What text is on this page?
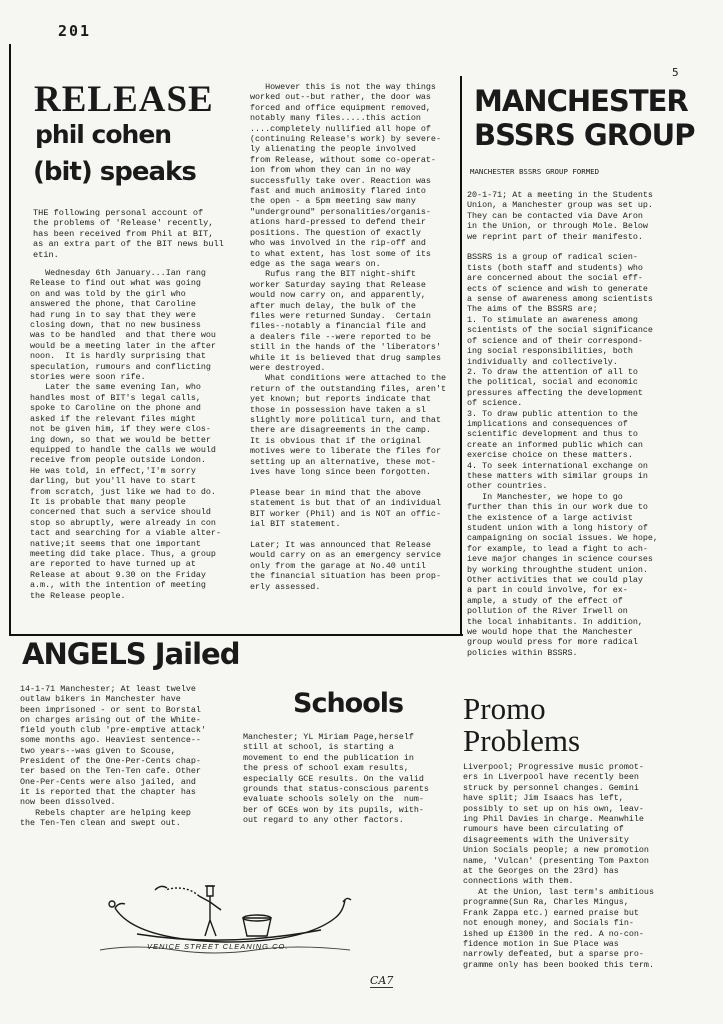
201
5
RELEASE
phil cohen
(bit) speaks
THE following personal account of
the problems of 'Release' recently,
has been received from Phil at BIT,
as an extra part of the BIT news bull
etin.
Wednesday 6th January...Ian rang
Release to find out what was going
on and was told by the girl who
answered the phone, that Caroline
had rung in to say that they were
closing down, that no new business
was to be handled  and that there wou
would be a meeting later in the after
noon.  It is hardly surprising that
speculation, rumours and conflicting
stories were soon rife.
Later the same evening Ian, who
handles most of BIT's legal calls,
spoke to Caroline on the phone and
asked if the relevant files might
not be given him, if they were clos-
ing down, so that we would be better
equipped to handle the calls we would
receive from people outside London.
He was told, in effect,'I'm sorry
darling, but you'll have to start
from scratch, just like we had to do.
It is probable that many people
concerned that such a service should
stop so abruptly, were already in con
tact and searching for a viable alter-
native;it seems that one important
meeting did take place. Thus, a group
are reported to have turned up at
Release at about 9.30 on the Friday
a.m., with the intention of meeting
the Release people.
However this is not the way things
worked out--but rather, the door was
forced and office equipment removed,
notably many files.....this action
....completely nullified all hope of
(continuing Release's work) by severe-
ly alienating the people involved
from Release, without some co-operat-
ion from whom they can in no way
successfully take over. Reaction was
fast and much animosity flared into
the open - a 5pm meeting saw many
"underground" personalities/organis-
ations hard-pressed to defend their
positions. The question of exactly
who was involved in the rip-off and
to what extent, has lost some of its
edge as the saga wears on.
Rufus rang the BIT night-shift
worker Saturday saying that Release
would now carry on, and apparently,
after much delay, the bulk of the
files were returned Sunday.  Certain
files--notably a financial file and
a dealers file --were reported to be
still in the hands of the 'liberators'
while it is believed that drug samples
were destroyed.
What conditions were attached to the
return of the outstanding files, aren't
yet known; but reports indicate that
those in possession have taken a sl
slightly more political turn, and that
there are disagreements in the camp.
It is obvious that if the original
motives were to liberate the files for
setting up an alternative, these mot-
ives have long since been forgotten.

Please bear in mind that the above
statement is but that of an individual
BIT worker (Phil) and is NOT an offic-
ial BIT statement.

Later; It was announced that Release
would carry on as an emergency service
only from the garage at No.40 until
the financial situation has been prop-
erly assessed.
MANCHESTER
BSSRS GROUP
MANCHESTER BSSRS GROUP FORMED
20-1-71; At a meeting in the Students
Union, a Manchester group was set up.
They can be contacted via Dave Aron
in the Union, or through Mole. Below
we reprint part of their manifesto.

BSSRS is a group of radical scien-
tists (both staff and students) who
are concerned about the social eff-
ects of science and wish to generate
a sense of awareness among scientists
The aims of the BSSRS are;
1. To stimulate an awareness among
scientists of the social significance
of science and of their correspond-
ing social responsibilities, both
individually and collectively.
2. To draw the attention of all to
the political, social and economic
pressures affecting the development
of science.
3. To draw public attention to the
implications and consequences of
scientific development and thus to
create an informed public which can
exercise choice on these matters.
4. To seek international exchange on
these matters with similar groups in
other countries.
In Manchester, we hope to go
further than this in our work due to
the existence of a large activist
student union with a long history of
campaigning on social issues. We hope,
for example, to lead a fight to ach-
ieve major changes in science courses
by working throughthe student union.
Other activities that we could play
a part in could involve, for ex-
ample, a study of the effect of
pollution of the River Irwell on
the local inhabitants. In addition,
we would hope that the Manchester
group would press for more radical
policies within BSSRS.
ANGELS Jailed
14-1-71 Manchester; At least twelve
outlaw bikers in Manchester have
been imprisoned - or sent to Borstal
on charges arising out of the White-
field youth club 'pre-emptive attack'
some months ago. Heaviest sentence--
two years--was given to Scouse,
President of the One-Per-Cents chap-
ter based on the Ten-Ten cafe. Other
One-Per-Cents were also jailed, and
it is reported that the chapter has
now been dissolved.
Rebels chapter are helping keep
the Ten-Ten clean and swept out.
VENICE STREET CLEANING CO.
Schools
Manchester; YL Miriam Page,herself
still at school, is starting a
movement to end the publication in
the press of school exam results,
especially GCE results. On the valid
grounds that status-conscious parents
evaluate schools solely on the  num-
ber of GCEs won by its pupils, with-
out regard to any other factors.
Promo
Problems
Liverpool; Progressive music promot-
ers in Liverpool have recently been
struck by personnel changes. Gemini
have split; Jim Isaacs has left,
possibly to set up on his own, leav-
ing Phil Davies in charge. Meanwhile
rumours have been circulating of
disagreements with the University
Union Socials people; a new promotion
name, 'Vulcan' (presenting Tom Paxton
at the Georges on the 23rd) has
connections with them.
At the Union, last term's ambitious
programme(Sun Ra, Charles Mingus,
Frank Zappa etc.) earned praise but
not enough money, and Socials fin-
ished up £1300 in the red. A no-con-
fidence motion in Sue Place was
narrowly defeated, but a sparse pro-
gramme only has been booked this term.
CA7
